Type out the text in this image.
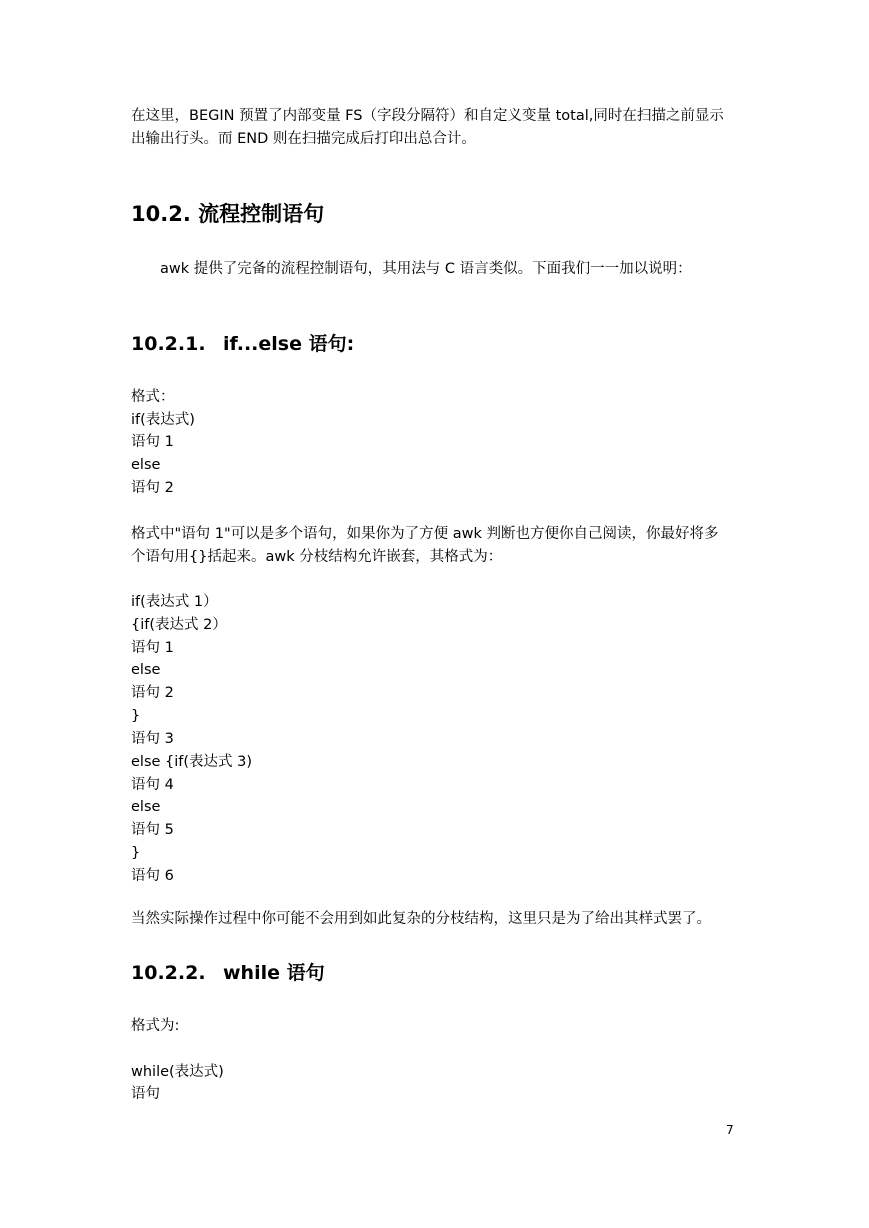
在这里，BEGIN 预置了内部变量 FS（字段分隔符）和自定义变量 total,同时在扫描之前显示
出输出行头。而 END 则在扫描完成后打印出总合计。
10.2. 流程控制语句
awk 提供了完备的流程控制语句，其用法与 C 语言类似。下面我们一一加以说明：
10.2.1. if...else 语句:
格式：
if(表达式)
语句 1
else
语句 2
格式中"语句 1"可以是多个语句，如果你为了方便 awk 判断也方便你自己阅读，你最好将多
个语句用{}括起来。awk 分枝结构允许嵌套，其格式为：
if(表达式 1）
{if(表达式 2）
语句 1
else
语句 2
}
语句 3
else {if(表达式 3)
语句 4
else
语句 5
}
语句 6
当然实际操作过程中你可能不会用到如此复杂的分枝结构，这里只是为了给出其样式罢了。
10.2.2. while 语句
格式为:
while(表达式)
语句
7
